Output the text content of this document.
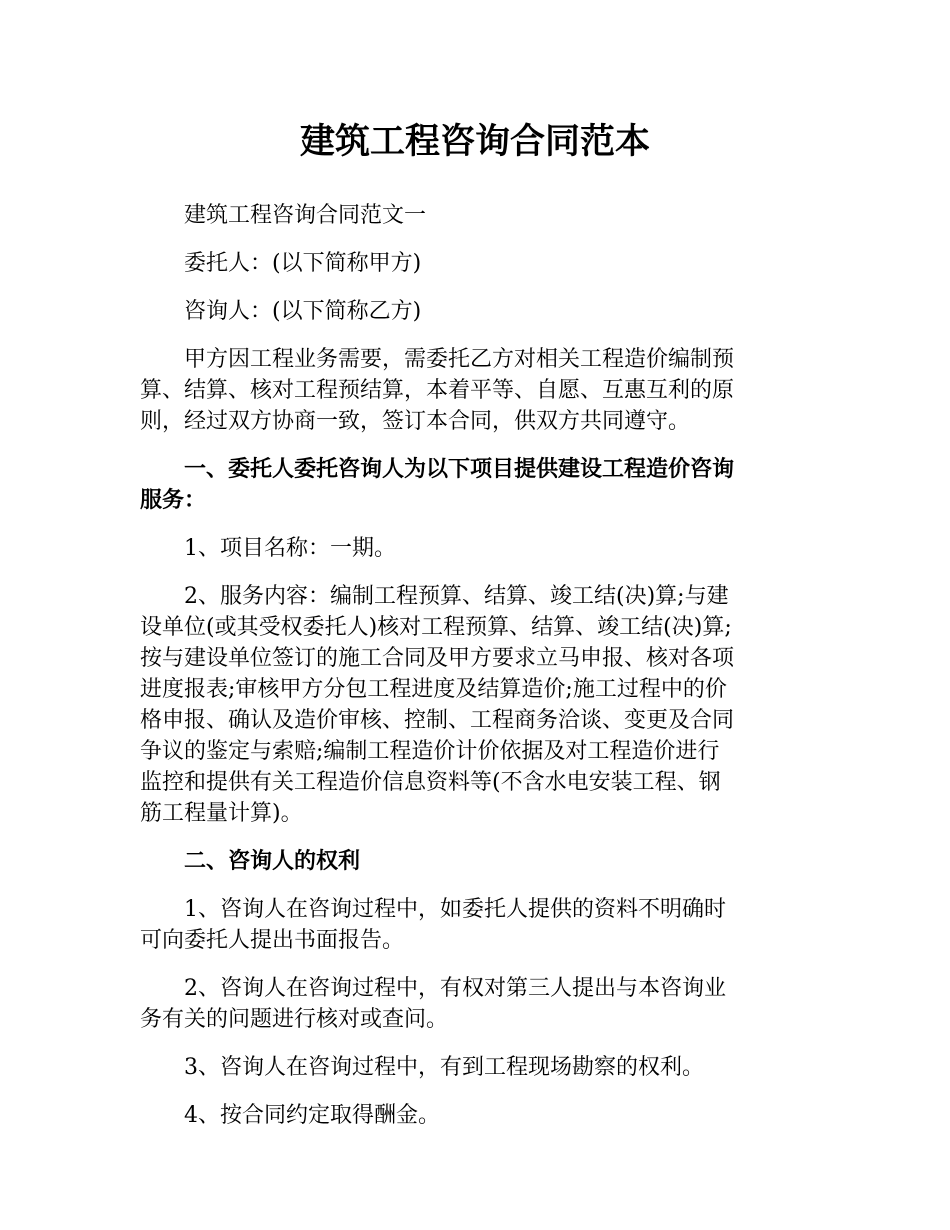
建筑工程咨询合同范本

建筑工程咨询合同范文一

委托人：(以下简称甲方)

咨询人：(以下简称乙方)

甲方因工程业务需要，需委托乙方对相关工程造价编制预
算、结算、核对工程预结算，本着平等、自愿、互惠互利的原
则，经过双方协商一致，签订本合同，供双方共同遵守。

一、委托人委托咨询人为以下项目提供建设工程造价咨询
服务：

1、项目名称：一期。

2、服务内容：编制工程预算、结算、竣工结(决)算;与建
设单位(或其受权委托人)核对工程预算、结算、竣工结(决)算;
按与建设单位签订的施工合同及甲方要求立马申报、核对各项
进度报表;审核甲方分包工程进度及结算造价;施工过程中的价
格申报、确认及造价审核、控制、工程商务洽谈、变更及合同
争议的鉴定与索赔;编制工程造价计价依据及对工程造价进行
监控和提供有关工程造价信息资料等(不含水电安装工程、钢
筋工程量计算)。

二、咨询人的权利

1、咨询人在咨询过程中，如委托人提供的资料不明确时
可向委托人提出书面报告。

2、咨询人在咨询过程中，有权对第三人提出与本咨询业
务有关的问题进行核对或查问。

3、咨询人在咨询过程中，有到工程现场勘察的权利。

4、按合同约定取得酬金。
